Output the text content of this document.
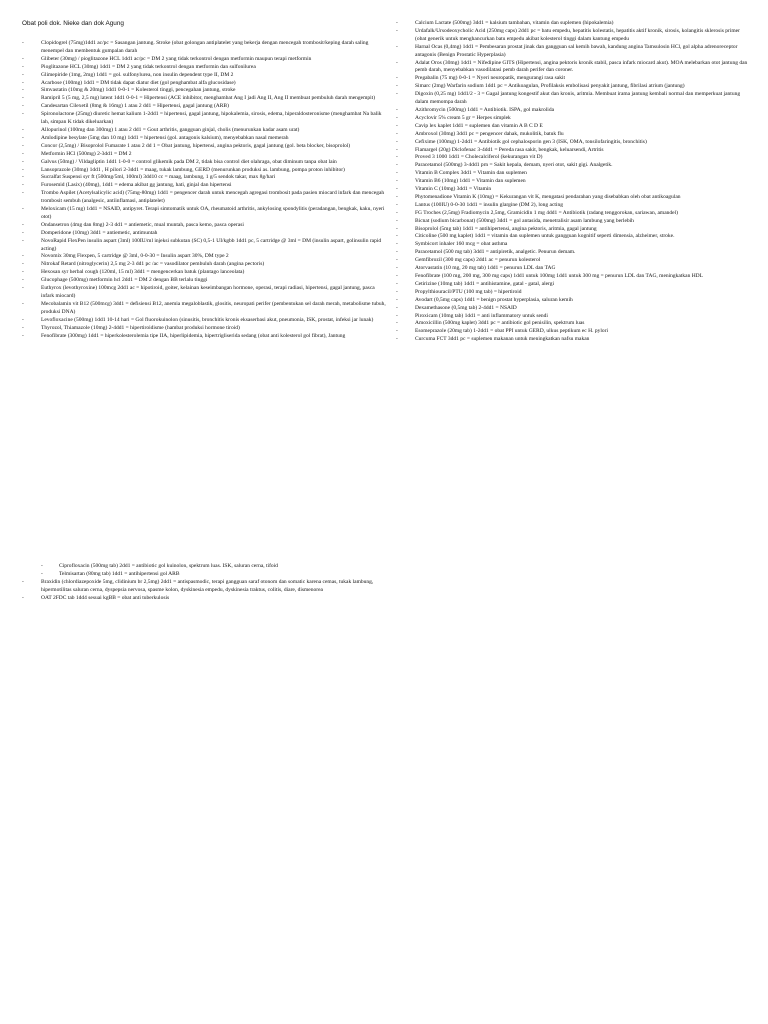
Obat poli dok. Nieke dan dok Agung
- Clopidogrel (75mg)1dd1 ac/pc = Sasangan jantung. Stroke (obat golongan antiplatelet yang bekerja dengan mencegah trombosit/keping darah saling menempel dan membentuk gumpalan darah
- Glibeter (30mg) / pioglitazone HCL 1dd1 ac/pc = DM 2 yang tidak terkontrol dengan metformin maupun terapi metformin
- Pioglitazone HCL (30mg) 1dd1 = DM 2 yang tidak terkontrol dengan metformin dan sulfonilurea
- Glimepiride (1mg, 2mg) 1dd1 = gol. sulfonylurea, non insulin dependent type II, DM 2
- Acarbose (100mg) 1dd1 = DM tidak dapat diatur diet (gol penghambat alfa glucosidase)
- Simvastatin (10mg & 20mg) 1dd1 0-0-1 = Kolesterol tinggi, pencegahan jantung, stroke
- Ramipril 5 (5 mg, 2,5 mg) latent 1dd1 0-0-1 = Hipertensi (ACE inhibitor, menghambat Ang I jadi Ang II, Ang II membuat pembuluh darah mengempit)
- Candesartan Cilexetil (8mg & 16mg) 1 atau 2 dd1 = Hipertensi, gagal jantung (ARB)
- Spironolactone (25mg) diuretic hemat kalium 1-2dd1 = hipertensi, gagal jantung, hipokalemia, sirosis, edema, hiperaldosteronisme (menghambat Na balik lah, simpan K tidak dikeluarkan)
- Allopurinol (100mg dan 300mg) 1 atau 2 dd1 = Gout arthritis, gangguan ginjal, cholis (menurunkan kadar asam urat)
- Amlodipine besylate (5mg dan 10 mg) 1dd1 = hipertensi (gol. antagonis kalsium), menyebabkan nasal memerah
- Concor (2,5mg) / Bisoprolol Fumarate 1 atau 2 dd 1 = Obat jantung, hipertensi, angina pektoris, gagal jantung (gol. beta blocker, bisoprolol)
- Metformin HCl (500mg) 2-3dd1 = DM 2
- Galvus (50mg) / Vildagliptin 1dd1 1-0-0 = control glikemik pada DM 2, tidak bisa control diet olahraga, obat diminum tanpa obat lain
- Lansoprazole (30mg) 1dd1 , H pilori 2-3dd1 = maag, tukak lambung, GERD (menurunkan produksi as. lambung, pompa proton inhibitor)
- Sucralfat Suspensi syr ft (500mg/5ml, 100ml) 3dd10 cc = maag, lambung, 1 g/5 sendok takar, max 8g/hari
- Furosemid (Lasix) (40mg), 1dd1 = edema akibat gg jantung, hati, ginjal dan hipertensi
- Trombo Aspilet (Acetylsalicylic acid) (75mg-80mg) 1dd1 = pengencer darah untuk mencegah agregasi trombosit pada pasien miocard infark dan mencegah trombosit sembuh (analgesic, antiinflamasi, antiplatelet)
- Meloxicam (15 mg) 1dd1 = NSAID, antipyret. Terapi simtomatik untuk OA, rheumatoid arthritis, ankylosing spondylitis (peradangan, bengkak, kaku, nyeri otot)
- Ondansetron (4mg dan 8mg) 2-3 dd1 = antiemetic, mual muntah, pasca kemo, pasca operasi
- Domperidone (10mg) 3dd1 = antiemetic, antimuntah
- NovoRapid FlexPen insulin aspart (3ml) 100IU/ml injeksi subkutan (SC) 0,5-1 UI/kgbb 1dd1 pc, 5 cartridge @ 3ml = DM (insulin aspart, golinsulin rapid acting)
- Novomix 30mg Flexpen, 5 cartridge @ 3ml, 0-0-30 = Insulin aspart 30%, DM type 2
- Nitrokaf Retard (nitroglycerin) 2,5 mg 2-3 dd1 pc /ac = vasodilator pembuluh darah (angina pectoris)
- Hexosan syr herbal cough (120ml, 15 ml) 3dd1 = mengencerkan batuk (plantago lanceolata)
- Glucophage (500mg) metformin hcl 2dd1 = DM 2 dengan BB terlalu tinggi
- Euthyrox (levothyroxine) 100mcg 2dd1 ac = hipotiroid, goiter, kelainan keseimbangan hormone, operasi, terapi radiasi, hipertensi, gagal jantung, pasca infark miocard)
- Mecobalamin vit B12 (500mcg) 3dd1 = defisiensi B12, anemia megaloblastik, glositis, neuropati perifer (pembentukan sel darah merah, metabolisme tubuh, produksi DNA)
- Levofloxacine (500mg) 1dd1 10-14 hari = Gol fluorokuinolon (sinusitis, bronchitis kronis eksaserbasi akut, pneumonia, ISK, prostat, infeksi jar lunak)
- Thyrozol, Thiamazole (10mg) 2-4dd1 = hipertiroidisme (hambat produksi hormone tiroid)
- Fenofibrate (300mg) 1dd1 = hiperkolesterolemia tipe IIA, hiperlipidemia, hipertrigliserida sedang (obat anti kolesterol gol fibrat), Jantung
- Ciprofloxacin (500mg tab) 2dd1 = antibiotic gol kuinolon, spektrum luas. ISK, saluran cerna, tifoid
- Telmisartan (80mg tab) 1dd1 = antihipertensi gol ARB
- Braxidin (chlordiazepoxide 5mg, clidinium br 2,5mg) 2dd1 = antispasmodic, terapi gangguan saraf otonom dan somatic karena cemas, tukak lambung, hipermotilitas saluran cerna, dyspepsia nervosa, spasme kolon, dyskinesia empedu, dyskinesia traktus, colitis, diare, dismenorea
- OAT 2FDC tab 1dd4 sesuai kgBB = obat anti tuberkulosis
- Calcium Lactate (500mg) 3dd1 = kalsium tambahan, vitamin dan suplemen (hipokalemia)
- Urdafalk/Ursodeoxycholic Acid (250mg caps) 2dd1 pc = batu empedu, hepatitis kolestatis, hepatitis aktif kronik, sirosis, kolangitis sklerosis primer (obat generik untuk menghancurkan batu empedu akibat kolesterol tinggi dalam kantung empedu
- Harnal Ocas (0,4mg) 1dd1 = Pembesaran prostat jinak dan gangguan sal kemih bawah, kandung angina Tamsulosin HCl, gol alpha adrenoreceptor antagonis (Benign Prostatic Hyperplasia)
- Adalat Oros (30mg) 1dd1 = Nifedipine GITS (Hipertensi, angina pektoris kronik stabil, pasca infark miocard akut). MOA melebarkan otot jantung dan pemb darah, menyebabkan vasodilatasi pemb darah perifer dan coroner.
- Pregabalin (75 mg) 0-0-1 = Nyeri neuropatik, mengurangi rasa sakit
- Simarc (2mg) Warfarin sodium 1dd1 pc = Antikoagulan, Profilaksis embolisasi penyakit jantung, fibrilasi atrium (jantung)
- Digoxin (0,25 mg) 1dd1/2 - 3 = Gagal jantung kongestif akut dan kronis, aritmia. Membuat irama jantung kembali normal dan memperkuat jantung dalam memompa darah
- Azithromycin (500mg) 1dd1 = Antibiotik. ISPA, gol makrolida
- Acyclovir 5% cream 5 gr = Herpes simplek
- Cavip lex kaplet 1dd1 = suplemen dan vitamin A B C D E
- Ambroxol (30mg) 3dd1 pc = pengencer dahak, mukolitik, batuk flu
- Cefixime (100mg) 1-2dd1 = Antibiotik gol cephalosporin gen 3 (ISK, OMA, tonsilofaringitis, bronchitis)
- Flamargel (20g) Diclofenac 3-4dd1 = Pereda rasa sakit, bengkak, keluarsendi, Artritis
- Proved 3 1000 1dd1 = Cholecalciferol (kekurangan vit D)
- Paracetamol (500mg) 3-4dd1 prn = Sakit kepala, demam, nyeri otot, sakit gigi. Analgetik.
- Vitamin B Complex 3dd1 = Vitamin dan suplemen
- Vitamin B6 (10mg) 1dd1 = Vitamin dan suplemen
- Vitamin C (10mg) 3dd1 = Vitamin
- Phytomenadione Vitamin K (10mg) = Kekurangan vit K, mengatasi pendarahan yang disebabkan oleh obat antikoagulan
- Lantus (100IU) 0-0-30 1dd1 = insulin glargine (DM 2), long acting
- FG Troches (2,5mg) Fradiomycin 2,5mg, Gramicidin 1 mg 4dd1 = Antibiotik (radang tenggorokan, sariawan, amandel)
- Bicnat (sodium bicarbonat) (500mg) 3dd1 = gol antasida, menetralisir asam lambung yang berlebih
- Bisoprolol (5mg tab) 1dd1 = antihipertensi, angina pektoris, aritmia, gagal jantung
- Citicoline (500 mg kaplet) 1dd1 = vitamin dan suplemen untuk gangguan kognitif seperti dimensia, alzheimer, stroke.
- Symbicort inhaler 160 mcg = obat asthma
- Paracetamol (500 mg tab) 3dd1 = antipiretik, analgetic. Penurun demam.
- Gemfibrozil (300 mg caps) 2dd1 ac = penurun kolesterol
- Atorvastatin (10 mg, 20 mg tab) 1dd1 = penurun LDL dan TAG
- Fenofibrate (100 mg, 200 mg, 300 mg caps) 1dd1 untuk 100mg 1dd1 untuk 300 mg = penurun LDL dan TAG, meningkatkan HDL
- Cetirizine (10mg tab) 1dd1 = antihistamine, gatal - gatal, alergi
- Propylthiouracil/PTU (100 mg tab) = hipertiroid
- Avodart (0,5mg caps) 1dd1 = benign prostat hyperplasia, saluran kemih
- Dexamethasone (0,5mg tab) 2-4dd1 = NSAID
- Piroxicam (10mg tab) 1dd1 = anti inflammatory untuk sendi
- Amoxicillin (500mg kaplet) 3dd1 pc = antibiotic gol penisilin, spektrum luas
- Esomeprazole (20mg tab) 1-2dd1 = obat PPI untuk GERD, ulkus peptikum ec H. pylori
- Curcuma FCT 3dd1 pc = suplemen makanan untuk meningkatkan nafsu makan
